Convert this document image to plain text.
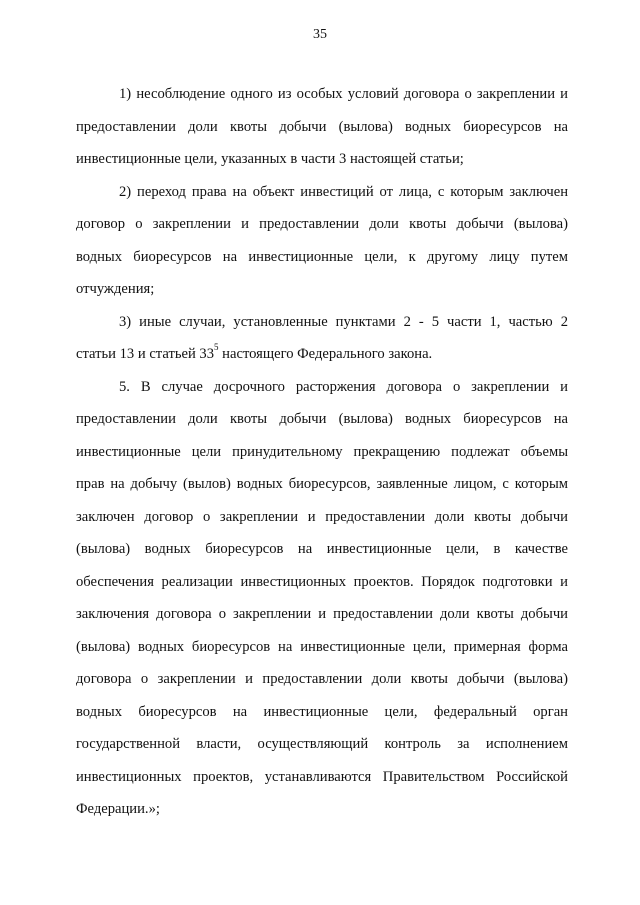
35
1) несоблюдение одного из особых условий договора о закреплении и
предоставлении доли квоты добычи (вылова) водных биоресурсов на
инвестиционные цели, указанных в части 3 настоящей статьи;
2) переход права на объект инвестиций от лица, с которым заключен
договор о закреплении и предоставлении доли квоты добычи (вылова)
водных биоресурсов на инвестиционные цели, к другому лицу путем
отчуждения;
3) иные случаи, установленные пунктами 2 - 5 части 1, частью 2
статьи 13 и статьей $33^5$ настоящего Федерального закона.
5. В случае досрочного расторжения договора о закреплении и
предоставлении доли квоты добычи (вылова) водных биоресурсов на
инвестиционные цели принудительному прекращению подлежат объемы
прав на добычу (вылов) водных биоресурсов, заявленные лицом, с которым
заключен договор о закреплении и предоставлении доли квоты добычи
(вылова) водных биоресурсов на инвестиционные цели, в качестве
обеспечения реализации инвестиционных проектов. Порядок подготовки и
заключения договора о закреплении и предоставлении доли квоты добычи
(вылова) водных биоресурсов на инвестиционные цели, примерная форма
договора о закреплении и предоставлении доли квоты добычи (вылова)
водных биоресурсов на инвестиционные цели, федеральный орган
государственной власти, осуществляющий контроль за исполнением
инвестиционных проектов, устанавливаются Правительством Российской
Федерации.»;
